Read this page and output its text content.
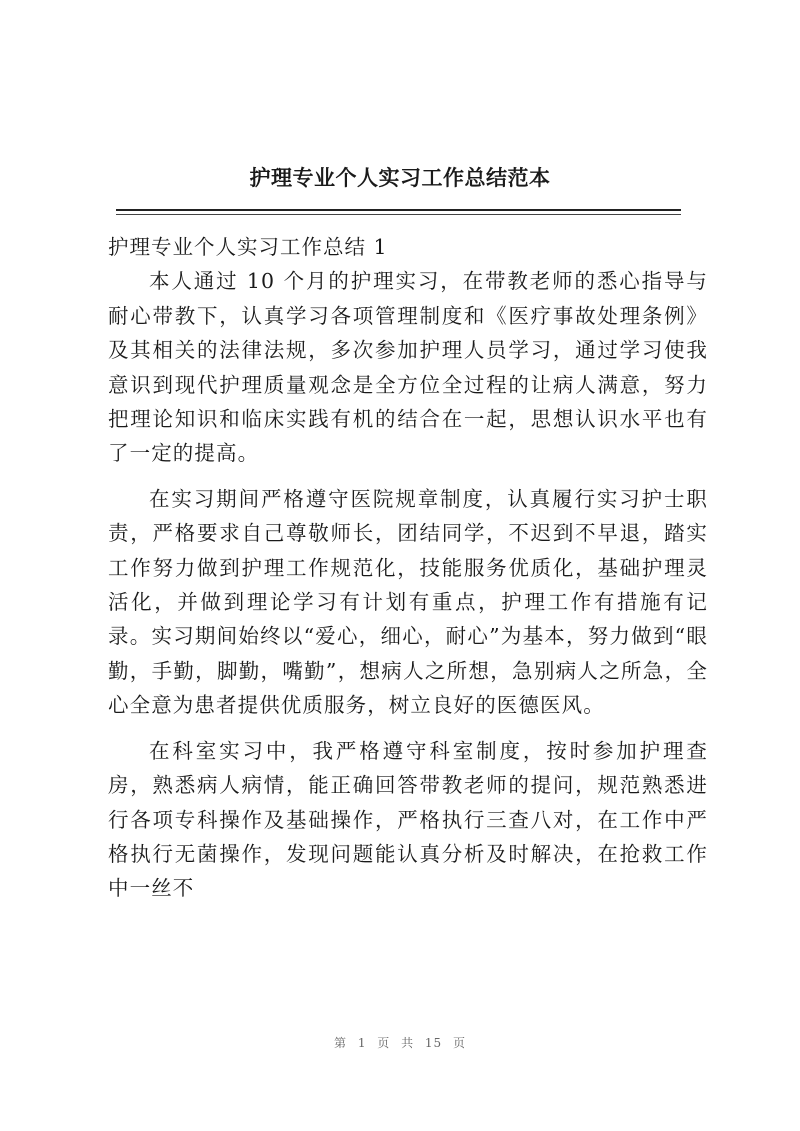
护理专业个人实习工作总结范本
护理专业个人实习工作总结 1

本人通过 10 个月的护理实习，在带教老师的悉心指导与耐心带教下，认真学习各项管理制度和《医疗事故处理条例》及其相关的法律法规，多次参加护理人员学习，通过学习使我意识到现代护理质量观念是全方位全过程的让病人满意，努力把理论知识和临床实践有机的结合在一起，思想认识水平也有了一定的提高。

在实习期间严格遵守医院规章制度，认真履行实习护士职责，严格要求自己尊敬师长，团结同学，不迟到不早退，踏实工作努力做到护理工作规范化，技能服务优质化，基础护理灵活化，并做到理论学习有计划有重点，护理工作有措施有记录。实习期间始终以“爱心，细心，耐心”为基本，努力做到“眼勤，手勤，脚勤，嘴勤”，想病人之所想，急别病人之所急，全心全意为患者提供优质服务，树立良好的医德医风。

在科室实习中，我严格遵守科室制度，按时参加护理查房，熟悉病人病情，能正确回答带教老师的提问，规范熟悉进行各项专科操作及基础操作，严格执行三查八对，在工作中严格执行无菌操作，发现问题能认真分析及时解决，在抢救工作中一丝不

第 1 页 共 15 页
